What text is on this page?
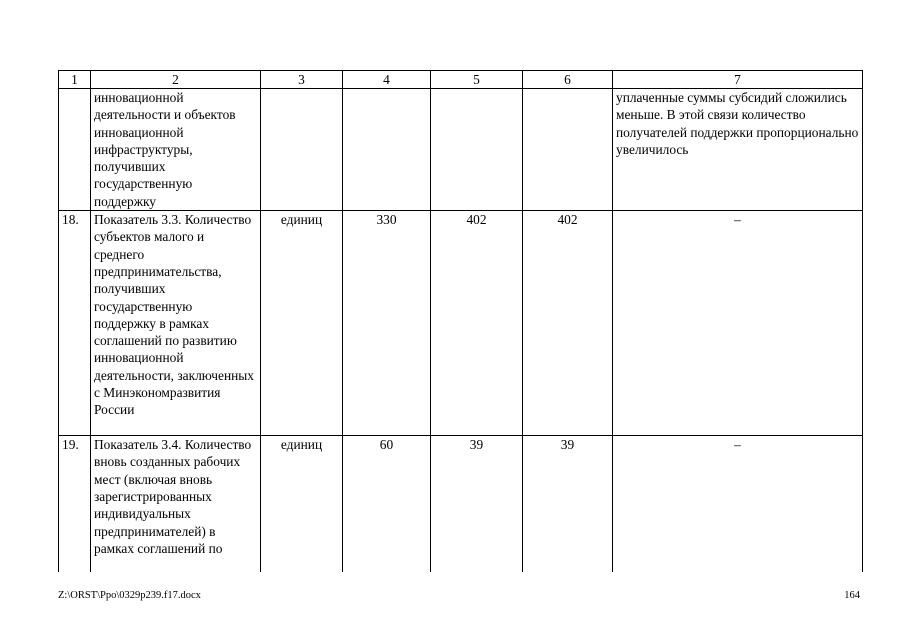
1	2	3	4	5	6	7
	инновационной деятельности и объектов инновационной инфраструктуры, получивших государственную поддержку					уплаченные суммы субсидий сложились меньше. В этой связи количество получателей поддержки пропорционально увеличилось
18.	Показатель 3.3. Количество субъектов малого и среднего предпринимательства, получивших государственную поддержку в рамках соглашений по развитию инновационной деятельности, заключенных с Минэкономразвития России	единиц	330	402	402	–
19.	Показатель 3.4. Количество вновь созданных рабочих мест (включая вновь зарегистрированных индивидуальных предпринимателей) в рамках соглашений по	единиц	60	39	39	–
Z:\ORST\Ppo\0329p239.f17.docx	164
